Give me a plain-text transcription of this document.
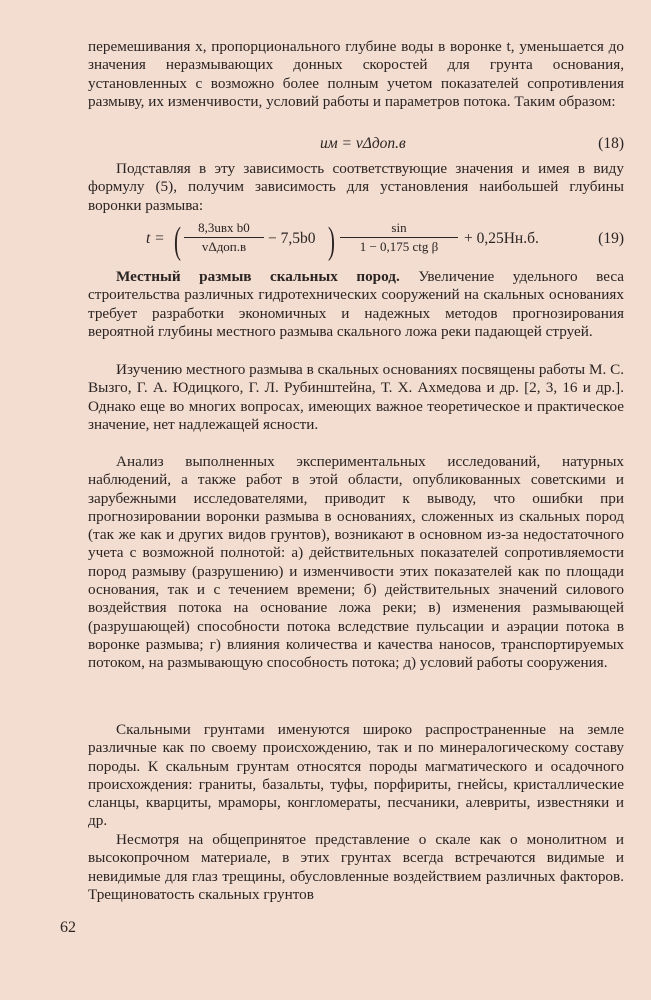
перемешивания x, пропорционального глубине воды в воронке t, уменьшается до значения неразмывающих донных скоростей для грунта основания, установленных с возможно более полным учетом показателей сопротивления размыву, их изменчивости, условий работы и параметров потока. Таким образом:

uм = vΔдоп.в	(18)

Подставляя в эту зависимость соответствующие значения и имея в виду формулу (5), получим зависимость для установления наибольшей глубины воронки размыва:

t = (	8,3uвх b0
vΔдоп.в	− 7,5b0 )	sin
1 − 0,175 ctg β	+ 0,25Hн.б.	(19)

Местный размыв скальных пород. Увеличение удельного веса строительства различных гидротехнических сооружений на скальных основаниях требует разработки экономичных и надежных методов прогнозирования вероятной глубины местного размыва скального ложа реки падающей струей.

Изучению местного размыва в скальных основаниях посвящены работы М. С. Вызго, Г. А. Юдицкого, Г. Л. Рубинштейна, Т. Х. Ахмедова и др. [2, 3, 16 и др.]. Однако еще во многих вопросах, имеющих важное теоретическое и практическое значение, нет надлежащей ясности.

Анализ выполненных экспериментальных исследований, натурных наблюдений, а также работ в этой области, опубликованных советскими и зарубежными исследователями, приводит к выводу, что ошибки при прогнозировании воронки размыва в основаниях, сложенных из скальных пород (так же как и других видов грунтов), возникают в основном из-за недостаточного учета с возможной полнотой: а) действительных показателей сопротивляемости пород размыву (разрушению) и изменчивости этих показателей как по площади основания, так и с течением времени; б) действительных значений силового воздействия потока на основание ложа реки; в) изменения размывающей (разрушающей) способности потока вследствие пульсации и аэрации потока в воронке размыва; г) влияния количества и качества наносов, транспортируемых потоком, на размывающую способность потока; д) условий работы сооружения.

Скальными грунтами именуются широко распространенные на земле различные как по своему происхождению, так и по минералогическому составу породы. К скальным грунтам относятся породы магматического и осадочного происхождения: граниты, базальты, туфы, порфириты, гнейсы, кристаллические сланцы, кварциты, мраморы, конгломераты, песчаники, алевриты, известняки и др.

Несмотря на общепринятое представление о скале как о монолитном и высокопрочном материале, в этих грунтах всегда встречаются видимые и невидимые для глаз трещины, обусловленные воздействием различных факторов. Трещиноватость скальных грунтов

62
